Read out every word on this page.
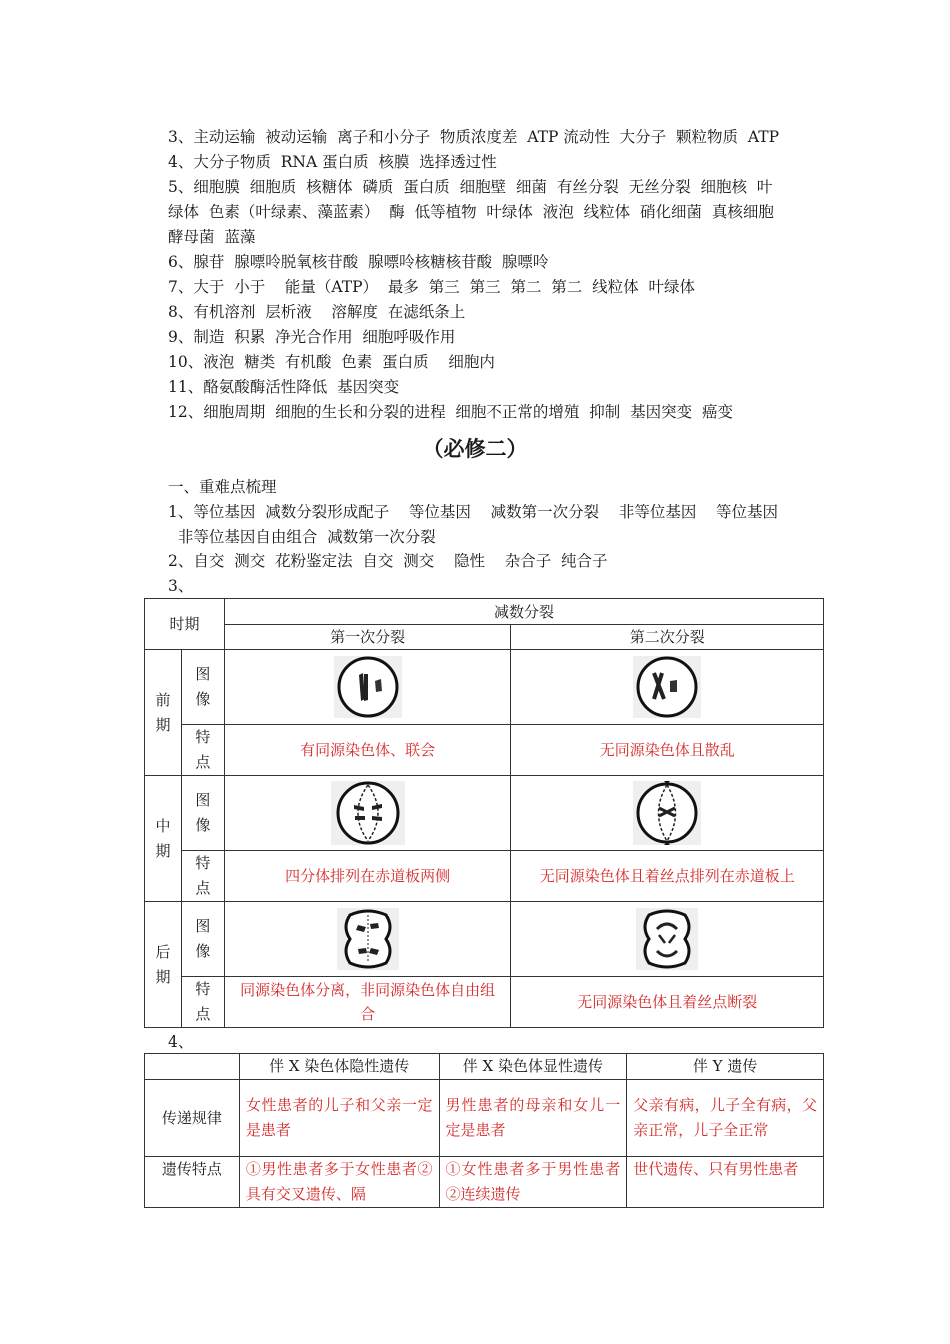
3、主动运输  被动运输  离子和小分子  物质浓度差  ATP 流动性  大分子  颗粒物质  ATP
4、大分子物质  RNA 蛋白质  核膜  选择透过性
5、细胞膜  细胞质  核糖体  磷质  蛋白质  细胞壁  细菌  有丝分裂  无丝分裂  细胞核  叶
绿体  色素（叶绿素、藻蓝素）  酶  低等植物  叶绿体  液泡  线粒体  硝化细菌  真核细胞
酵母菌  蓝藻
6、腺苷  腺嘌呤脱氧核苷酸  腺嘌呤核糖核苷酸  腺嘌呤
7、大于  小于    能量（ATP）  最多  第三  第三  第二  第二  线粒体  叶绿体
8、有机溶剂  层析液    溶解度  在滤纸条上
9、制造  积累  净光合作用  细胞呼吸作用
10、液泡  糖类  有机酸  色素  蛋白质    细胞内
11、酪氨酸酶活性降低  基因突变
12、细胞周期  细胞的生长和分裂的进程  细胞不正常的增殖  抑制  基因突变  癌变
（必修二）
一、重难点梳理
1、等位基因  减数分裂形成配子    等位基因    减数第一次分裂    非等位基因    等位基因
非等位基因自由组合  减数第一次分裂
2、自交  测交  花粉鉴定法  自交  测交    隐性    杂合子  纯合子
3、
时期		减数分裂	
		第一次分裂	第二次分裂
前期	图像	

	特点	有同源染色体、联会	无同源染色体且散乱
中期	图像	

	特点	四分体排列在赤道板两侧	无同源染色体且着丝点排列在赤道板上
后期	图像	

	特点	同源染色体分离，非同源染色体自由组合	无同源染色体且着丝点断裂
4、
	伴 X 染色体隐性遗传	伴 X 染色体显性遗传	伴 Y 遗传
传递规律	女性患者的儿子和父亲一定是患者	男性患者的母亲和女儿一定是患者	父亲有病，儿子全有病，父亲正常，儿子全正常
遗传特点	①男性患者多于女性患者②具有交叉遗传、隔	①女性患者多于男性患者②连续遗传	世代遗传、只有男性患者
